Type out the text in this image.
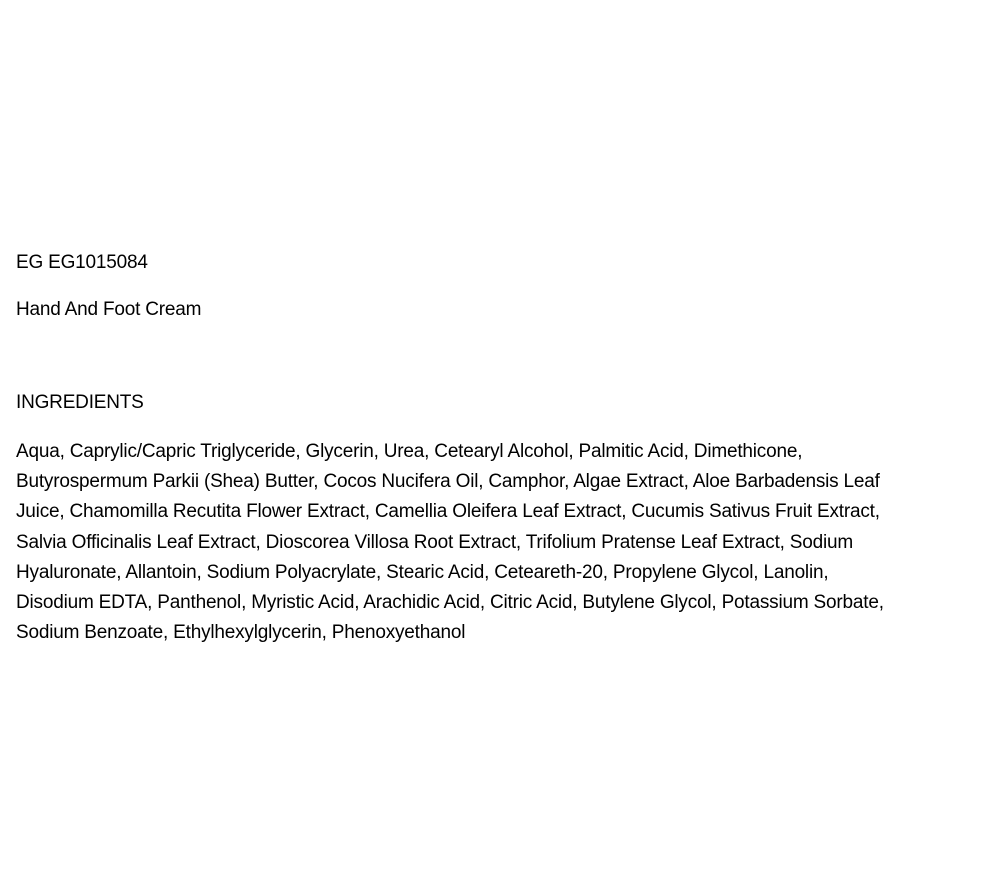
EG EG1015084

Hand And Foot Cream

INGREDIENTS

Aqua, Caprylic/Capric Triglyceride, Glycerin, Urea, Cetearyl Alcohol, Palmitic Acid, Dimethicone,

Butyrospermum Parkii (Shea) Butter, Cocos Nucifera Oil, Camphor, Algae Extract, Aloe Barbadensis Leaf

Juice, Chamomilla Recutita Flower Extract, Camellia Oleifera Leaf Extract, Cucumis Sativus Fruit Extract,

Salvia Officinalis Leaf Extract, Dioscorea Villosa Root Extract, Trifolium Pratense Leaf Extract, Sodium

Hyaluronate, Allantoin, Sodium Polyacrylate, Stearic Acid, Ceteareth-20, Propylene Glycol, Lanolin,

Disodium EDTA, Panthenol, Myristic Acid, Arachidic Acid, Citric Acid, Butylene Glycol, Potassium Sorbate,

Sodium Benzoate, Ethylhexylglycerin, Phenoxyethanol
